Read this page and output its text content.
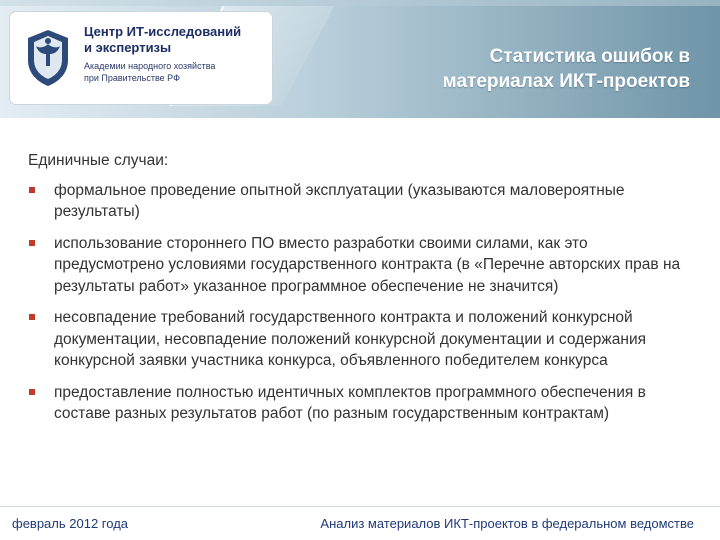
Центр ИТ-исследований
и экспертизы
Академии народного хозяйства
при Правительстве РФ
Статистика ошибок в
материалах ИКТ-проектов

Единичные случаи:

формальное проведение опытной эксплуатации (указываются маловероятные результаты)
использование стороннего ПО вместо разработки своими силами, как это предусмотрено условиями государственного контракта (в «Перечне авторских прав на результаты работ» указанное программное обеспечение не значится)
несовпадение требований государственного контракта и положений конкурсной документации, несовпадение положений конкурсной документации и содержания конкурсной заявки участника конкурса, объявленного победителем конкурса
предоставление полностью идентичных комплектов программного обеспечения в составе разных результатов работ (по разным государственным контрактам)
февраль 2012 года	Анализ материалов ИКТ-проектов в федеральном ведомстве
